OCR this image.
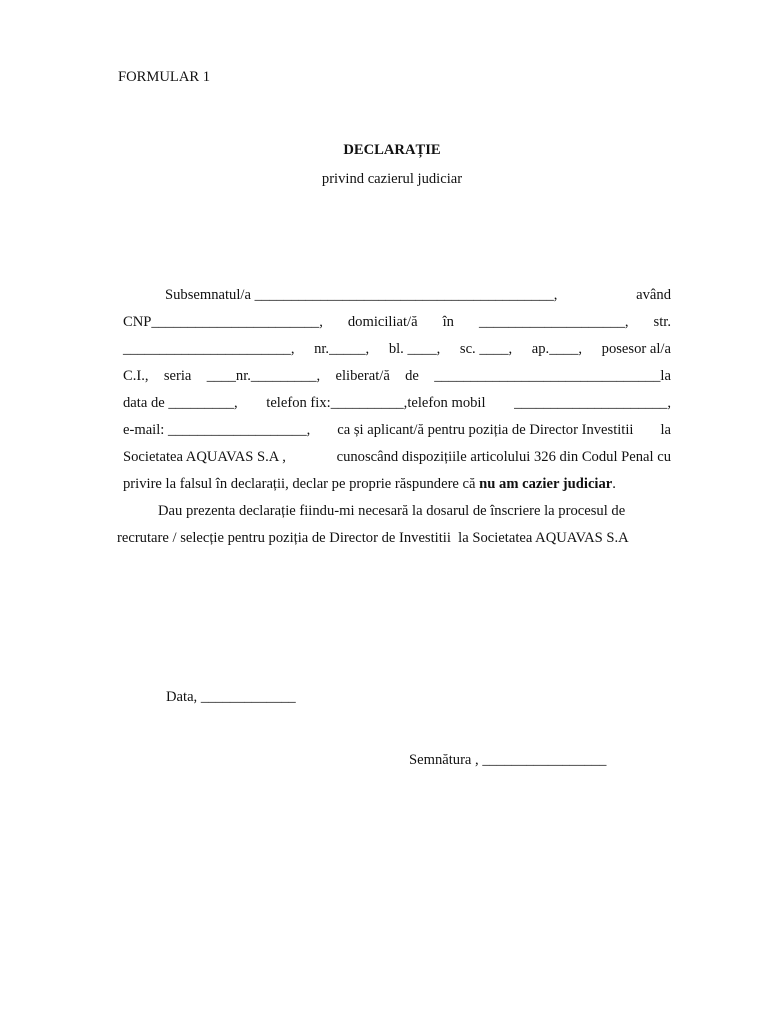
FORMULAR 1
DECLARAȚIE
privind cazierul judiciar
Subsemnatul/a _________________________________________,	având
CNP_______________________, domiciliat/ă în ____________________, str.
_______________________, nr._____, bl. ____, sc. ____, ap.____, posesor al/a
C.I., seria ____nr._________, eliberat/ă de _______________________________la
data de _________, telefon fix:__________,telefon mobil _____________________,
e-mail: ___________________, ca și aplicant/ă pentru poziția de Director Investitii la
Societatea AQUAVAS S.A ,	cunoscând dispozițiile articolului 326 din Codul Penal cu
privire la falsul în declarații, declar pe proprie răspundere că nu am cazier judiciar .
Dau prezenta declarație fiindu-mi necesară la dosarul de înscriere la procesul de
recrutare / selecție pentru poziția de Director de Investitii  la Societatea AQUAVAS S.A
Data, _____________
Semnătura , _________________
